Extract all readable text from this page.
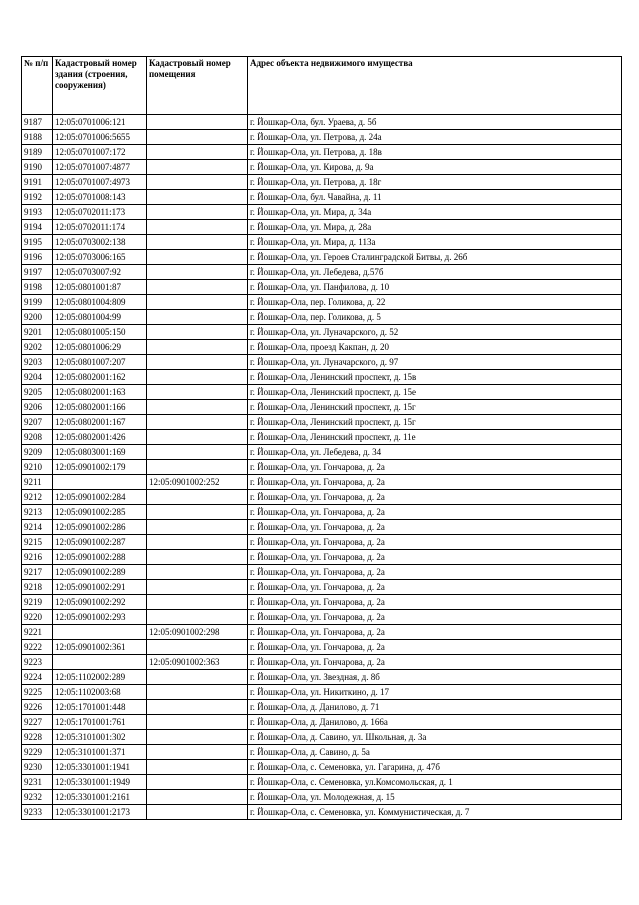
№ п/п	Кадастровый номер здания (строения, сооружения)	Кадастровый номер помещения	Адрес объекта недвижимого имущества
9187	12:05:0701006:121		г. Йошкар-Ола, бул. Ураева, д. 5б
9188	12:05:0701006:5655		г. Йошкар-Ола, ул. Петрова, д. 24а
9189	12:05:0701007:172		г. Йошкар-Ола, ул. Петрова, д. 18в
9190	12:05:0701007:4877		г. Йошкар-Ола, ул. Кирова, д. 9а
9191	12:05:0701007:4973		г. Йошкар-Ола, ул. Петрова, д. 18г
9192	12:05:0701008:143		г. Йошкар-Ола, бул. Чавайна, д. 11
9193	12:05:0702011:173		г. Йошкар-Ола, ул. Мира, д. 34а
9194	12:05:0702011:174		г. Йошкар-Ола, ул. Мира, д. 28а
9195	12:05:0703002:138		г. Йошкар-Ола, ул. Мира, д. 113а
9196	12:05:0703006:165		г. Йошкар-Ола, ул. Героев Сталинградской Битвы, д. 26б
9197	12:05:0703007:92		г. Йошкар-Ола, ул. Лебедева, д.57б
9198	12:05:0801001:87		г. Йошкар-Ола, ул. Панфилова, д. 10
9199	12:05:0801004:809		г. Йошкар-Ола, пер. Голикова, д. 22
9200	12:05:0801004:99		г. Йошкар-Ола, пер. Голикова, д. 5
9201	12:05:0801005:150		г. Йошкар-Ола, ул. Луначарского, д. 52
9202	12:05:0801006:29		г. Йошкар-Ола, проезд Какпан, д. 20
9203	12:05:0801007:207		г. Йошкар-Ола, ул. Луначарского, д. 97
9204	12:05:0802001:162		г. Йошкар-Ола, Ленинский проспект, д. 15в
9205	12:05:0802001:163		г. Йошкар-Ола, Ленинский проспект, д. 15е
9206	12:05:0802001:166		г. Йошкар-Ола, Ленинский проспект, д. 15г
9207	12:05:0802001:167		г. Йошкар-Ола, Ленинский проспект, д. 15г
9208	12:05:0802001:426		г. Йошкар-Ола, Ленинский проспект, д. 11е
9209	12:05:0803001:169		г. Йошкар-Ола, ул. Лебедева, д. 34
9210	12:05:0901002:179		г. Йошкар-Ола, ул. Гончарова, д. 2а
9211		12:05:0901002:252	г. Йошкар-Ола, ул. Гончарова, д. 2а
9212	12:05:0901002:284		г. Йошкар-Ола, ул. Гончарова, д. 2а
9213	12:05:0901002:285		г. Йошкар-Ола, ул. Гончарова, д. 2а
9214	12:05:0901002:286		г. Йошкар-Ола, ул. Гончарова, д. 2а
9215	12:05:0901002:287		г. Йошкар-Ола, ул. Гончарова, д. 2а
9216	12:05:0901002:288		г. Йошкар-Ола, ул. Гончарова, д. 2а
9217	12:05:0901002:289		г. Йошкар-Ола, ул. Гончарова, д. 2а
9218	12:05:0901002:291		г. Йошкар-Ола, ул. Гончарова, д. 2а
9219	12:05:0901002:292		г. Йошкар-Ола, ул. Гончарова, д. 2а
9220	12:05:0901002:293		г. Йошкар-Ола, ул. Гончарова, д. 2а
9221		12:05:0901002:298	г. Йошкар-Ола, ул. Гончарова, д. 2а
9222	12:05:0901002:361		г. Йошкар-Ола, ул. Гончарова, д. 2а
9223		12:05:0901002:363	г. Йошкар-Ола, ул. Гончарова, д. 2а
9224	12:05:1102002:289		г. Йошкар-Ола, ул. Звездная, д. 8б
9225	12:05:1102003:68		г. Йошкар-Ола, ул. Никиткино, д. 17
9226	12:05:1701001:448		г. Йошкар-Ола, д. Данилово, д. 71
9227	12:05:1701001:761		г. Йошкар-Ола, д. Данилово, д. 166а
9228	12:05:3101001:302		г. Йошкар-Ола, д. Савино, ул. Школьная, д. 3а
9229	12:05:3101001:371		г. Йошкар-Ола, д. Савино, д. 5а
9230	12:05:3301001:1941		г. Йошкар-Ола, с. Семеновка, ул. Гагарина, д. 47б
9231	12:05:3301001:1949		г. Йошкар-Ола, с. Семеновка, ул.Комсомольская, д. 1
9232	12:05:3301001:2161		г. Йошкар-Ола, ул. Молодежная, д. 15
9233	12:05:3301001:2173		г. Йошкар-Ола, с. Семеновка, ул. Коммунистическая, д. 7
